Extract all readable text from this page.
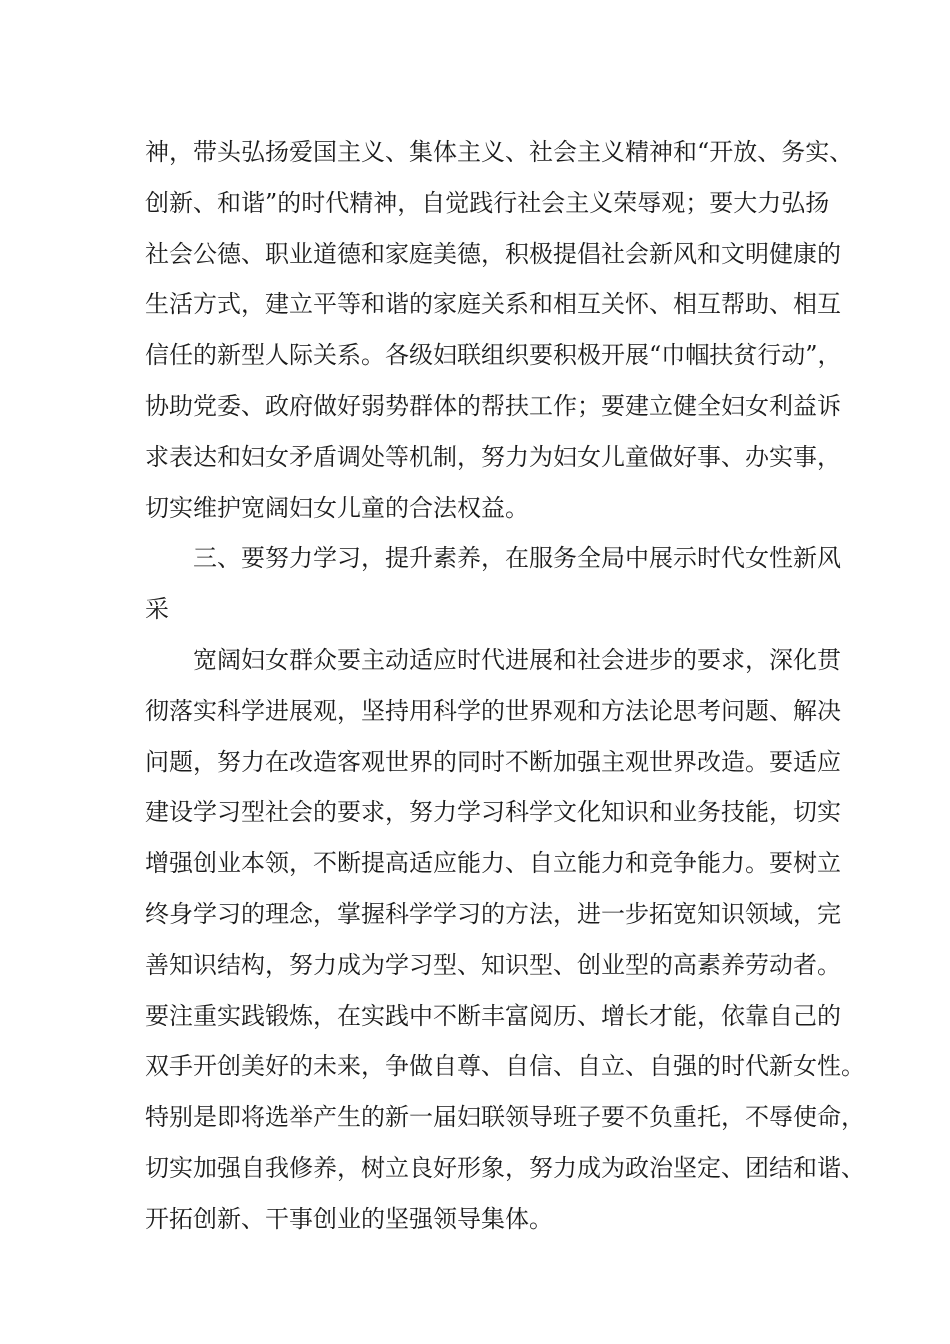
神，带头弘扬爱国主义、集体主义、社会主义精神和“开放、务实、
创新、和谐”的时代精神，自觉践行社会主义荣辱观；要大力弘扬
社会公德、职业道德和家庭美德，积极提倡社会新风和文明健康的
生活方式，建立平等和谐的家庭关系和相互关怀、相互帮助、相互
信任的新型人际关系。各级妇联组织要积极开展“巾帼扶贫行动”，
协助党委、政府做好弱势群体的帮扶工作；要建立健全妇女利益诉
求表达和妇女矛盾调处等机制，努力为妇女儿童做好事、办实事，
切实维护宽阔妇女儿童的合法权益。
三、要努力学习，提升素养，在服务全局中展示时代女性新风
采
宽阔妇女群众要主动适应时代进展和社会进步的要求，深化贯
彻落实科学进展观，坚持用科学的世界观和方法论思考问题、解决
问题，努力在改造客观世界的同时不断加强主观世界改造。要适应
建设学习型社会的要求，努力学习科学文化知识和业务技能，切实
增强创业本领，不断提高适应能力、自立能力和竞争能力。要树立
终身学习的理念，掌握科学学习的方法，进一步拓宽知识领域，完
善知识结构，努力成为学习型、知识型、创业型的高素养劳动者。
要注重实践锻炼，在实践中不断丰富阅历、增长才能，依靠自己的
双手开创美好的未来，争做自尊、自信、自立、自强的时代新女性。
特别是即将选举产生的新一届妇联领导班子要不负重托，不辱使命，
切实加强自我修养，树立良好形象，努力成为政治坚定、团结和谐、
开拓创新、干事创业的坚强领导集体。
